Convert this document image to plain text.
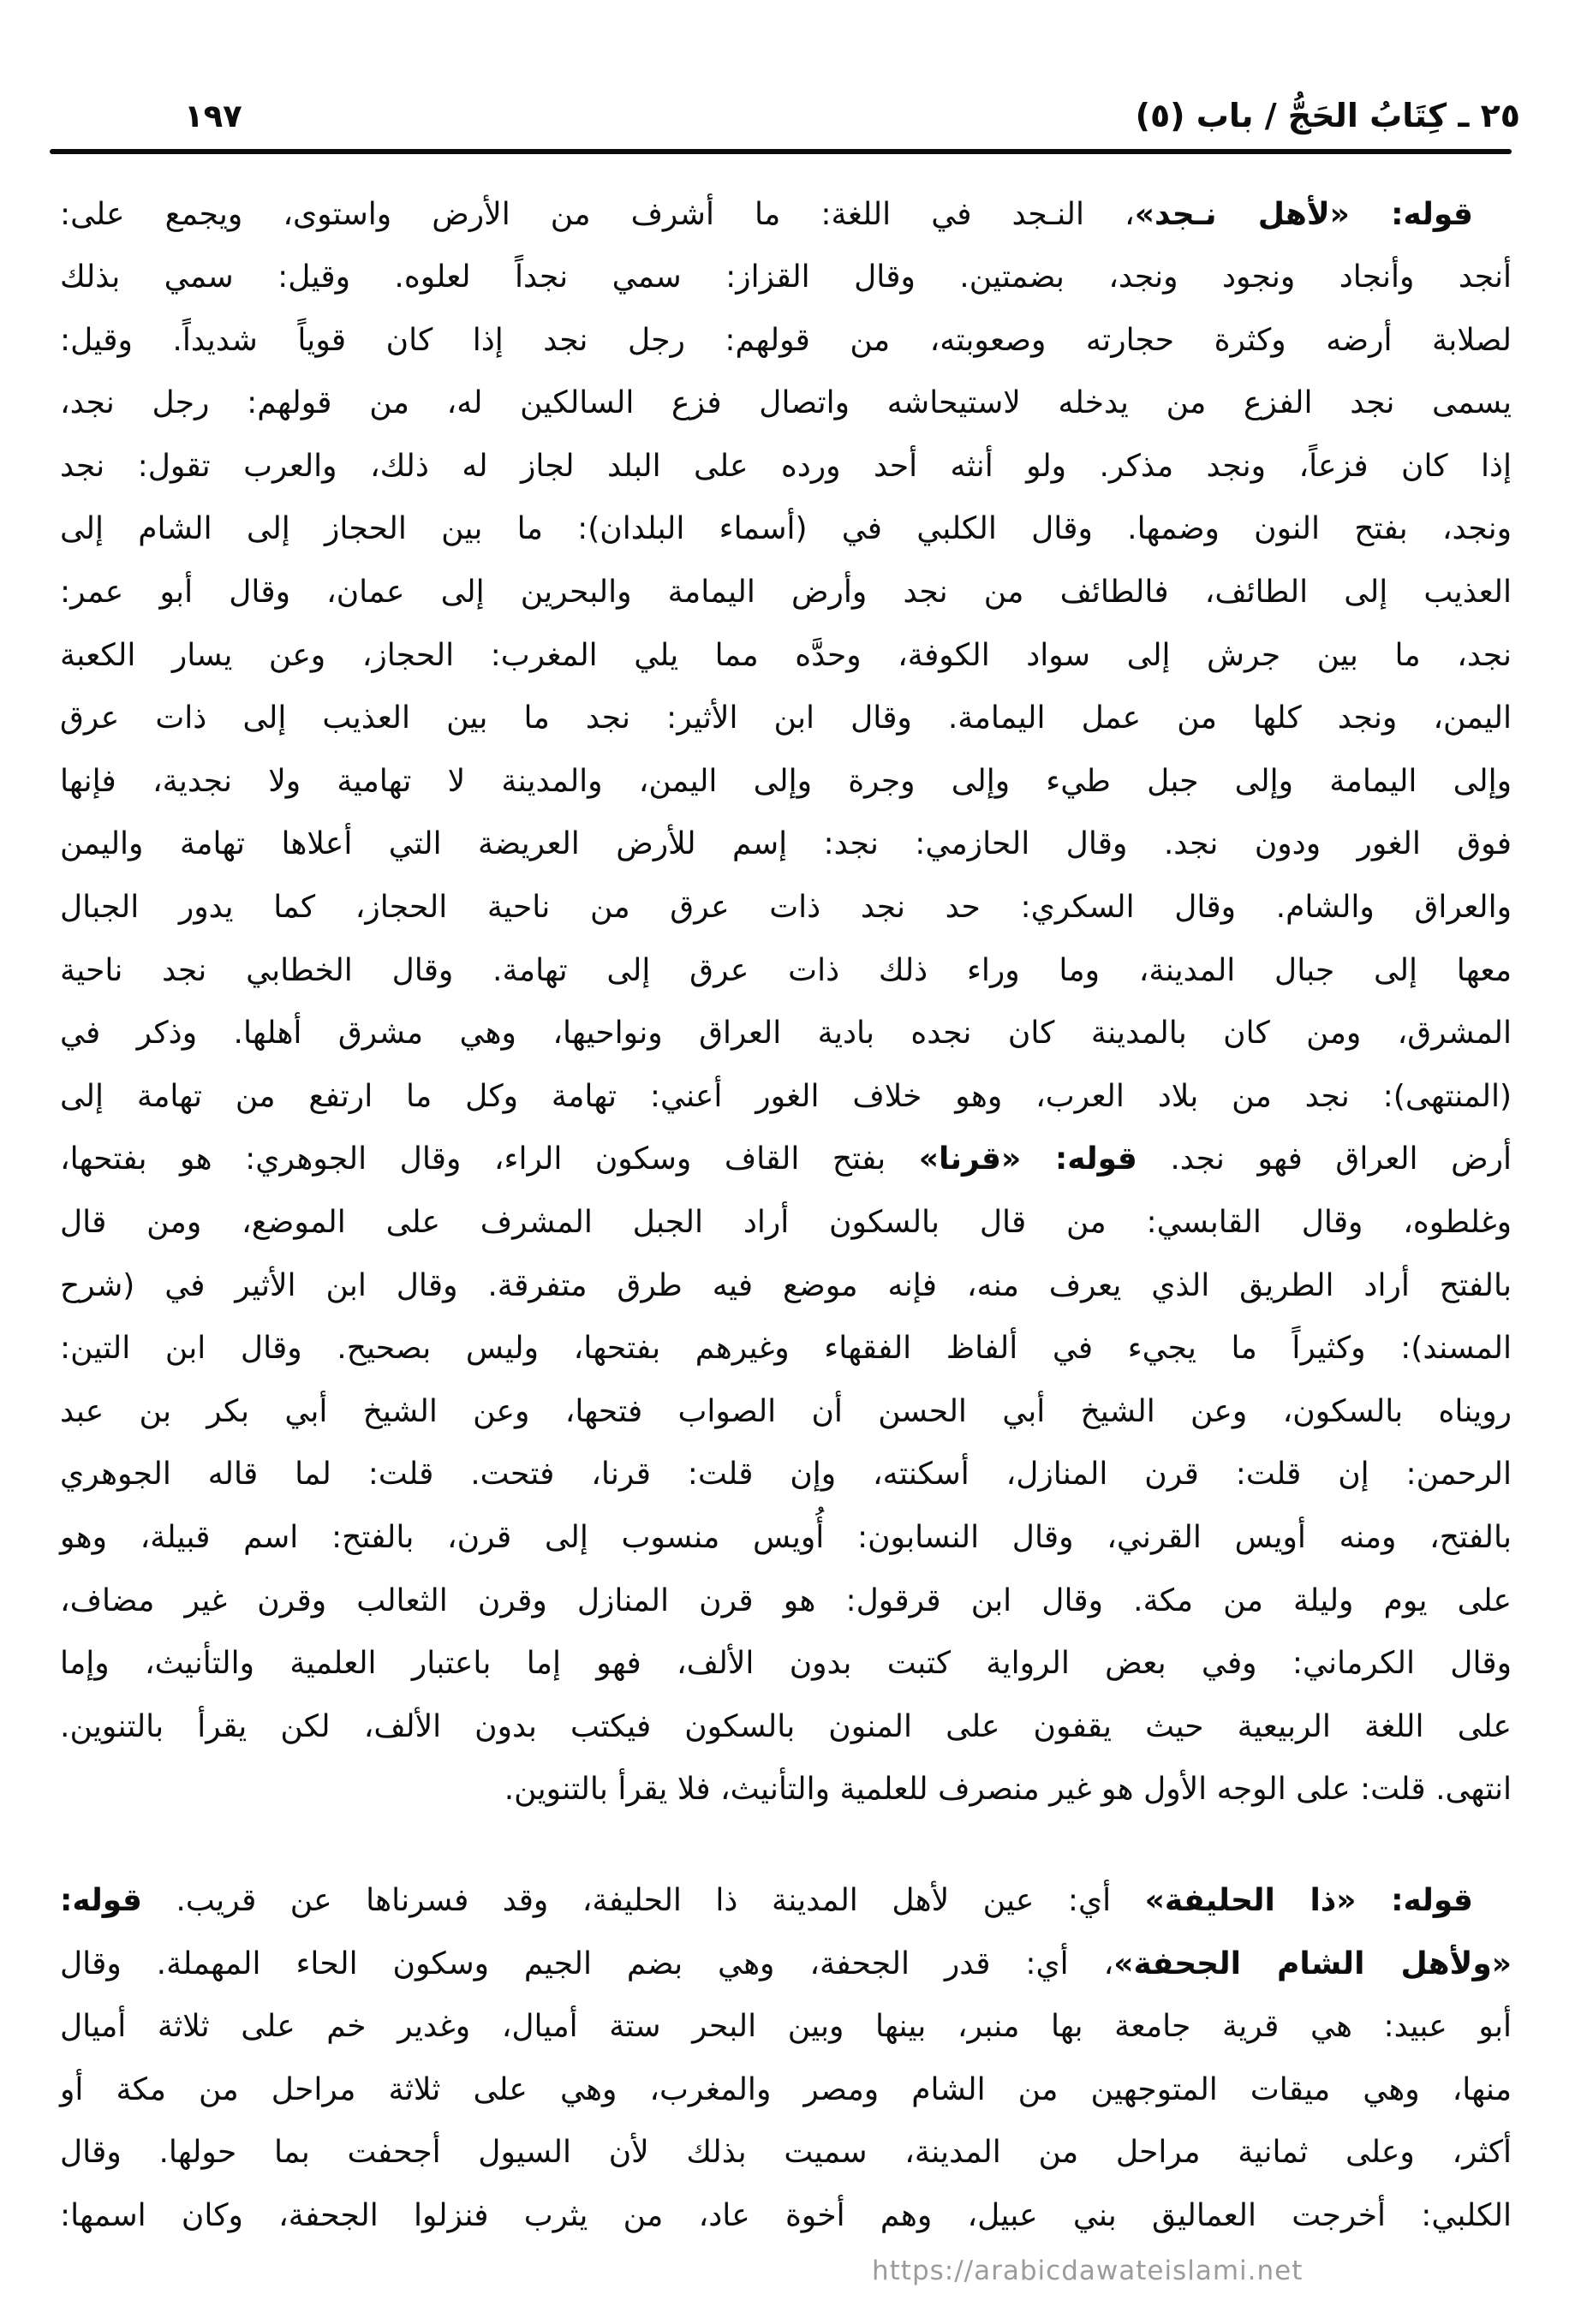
٢٥ ـ كِتَابُ الحَجُّ / باب (٥)
١٩٧
قوله: «لأهل نـجد»، النـجد في اللغة: ما أشرف من الأرض واستوى، ويجمع على:
أنجد وأنجاد ونجود ونجد، بضمتين. وقال القزاز: سمي نجداً لعلوه. وقيل: سمي بذلك
لصلابة أرضه وكثرة حجارته وصعوبته، من قولهم: رجل نجد إذا كان قوياً شديداً. وقيل:
يسمى نجد الفزع من يدخله لاستيحاشه واتصال فزع السالكين له، من قولهم: رجل نجد،
إذا كان فزعاً، ونجد مذكر. ولو أنثه أحد ورده على البلد لجاز له ذلك، والعرب تقول: نجد
ونجد، بفتح النون وضمها. وقال الكلبي في (أسماء البلدان): ما بين الحجاز إلى الشام إلى
العذيب إلى الطائف، فالطائف من نجد وأرض اليمامة والبحرين إلى عمان، وقال أبو عمر:
نجد، ما بين جرش إلى سواد الكوفة، وحدَّه مما يلي المغرب: الحجاز، وعن يسار الكعبة
اليمن، ونجد كلها من عمل اليمامة. وقال ابن الأثير: نجد ما بين العذيب إلى ذات عرق
وإلى اليمامة وإلى جبل طيء وإلى وجرة وإلى اليمن، والمدينة لا تهامية ولا نجدية، فإنها
فوق الغور ودون نجد. وقال الحازمي: نجد: إسم للأرض العريضة التي أعلاها تهامة واليمن
والعراق والشام. وقال السكري: حد نجد ذات عرق من ناحية الحجاز، كما يدور الجبال
معها إلى جبال المدينة، وما وراء ذلك ذات عرق إلى تهامة. وقال الخطابي نجد ناحية
المشرق، ومن كان بالمدينة كان نجده بادية العراق ونواحيها، وهي مشرق أهلها. وذكر في
(المنتهى): نجد من بلاد العرب، وهو خلاف الغور أعني: تهامة وكل ما ارتفع من تهامة إلى
أرض العراق فهو نجد. قوله: «قرنا» بفتح القاف وسكون الراء، وقال الجوهري: هو بفتحها،
وغلطوه، وقال القابسي: من قال بالسكون أراد الجبل المشرف على الموضع، ومن قال
بالفتح أراد الطريق الذي يعرف منه، فإنه موضع فيه طرق متفرقة. وقال ابن الأثير في (شرح
المسند): وكثيراً ما يجيء في ألفاظ الفقهاء وغيرهم بفتحها، وليس بصحيح. وقال ابن التين:
رويناه بالسكون، وعن الشيخ أبي الحسن أن الصواب فتحها، وعن الشيخ أبي بكر بن عبد
الرحمن: إن قلت: قرن المنازل، أسكنته، وإن قلت: قرنا، فتحت. قلت: لما قاله الجوهري
بالفتح، ومنه أويس القرني، وقال النسابون: أُويس منسوب إلى قرن، بالفتح: اسم قبيلة، وهو
على يوم وليلة من مكة. وقال ابن قرقول: هو قرن المنازل وقرن الثعالب وقرن غير مضاف،
وقال الكرماني: وفي بعض الرواية كتبت بدون الألف، فهو إما باعتبار العلمية والتأنيث، وإما
على اللغة الربيعية حيث يقفون على المنون بالسكون فيكتب بدون الألف، لكن يقرأ بالتنوين.
انتهى. قلت: على الوجه الأول هو غير منصرف للعلمية والتأنيث، فلا يقرأ بالتنوين.
قوله: «ذا الحليفة» أي: عين لأهل المدينة ذا الحليفة، وقد فسرناها عن قريب. قوله:
«ولأهل الشام الجحفة»، أي: قدر الجحفة، وهي بضم الجيم وسكون الحاء المهملة. وقال
أبو عبيد: هي قرية جامعة بها منبر، بينها وبين البحر ستة أميال، وغدير خم على ثلاثة أميال
منها، وهي ميقات المتوجهين من الشام ومصر والمغرب، وهي على ثلاثة مراحل من مكة أو
أكثر، وعلى ثمانية مراحل من المدينة، سميت بذلك لأن السيول أجحفت بما حولها. وقال
الكلبي: أخرجت العماليق بني عبيل، وهم أخوة عاد، من يثرب فنزلوا الجحفة، وكان اسمها:
https://arabicdawateislami.net
